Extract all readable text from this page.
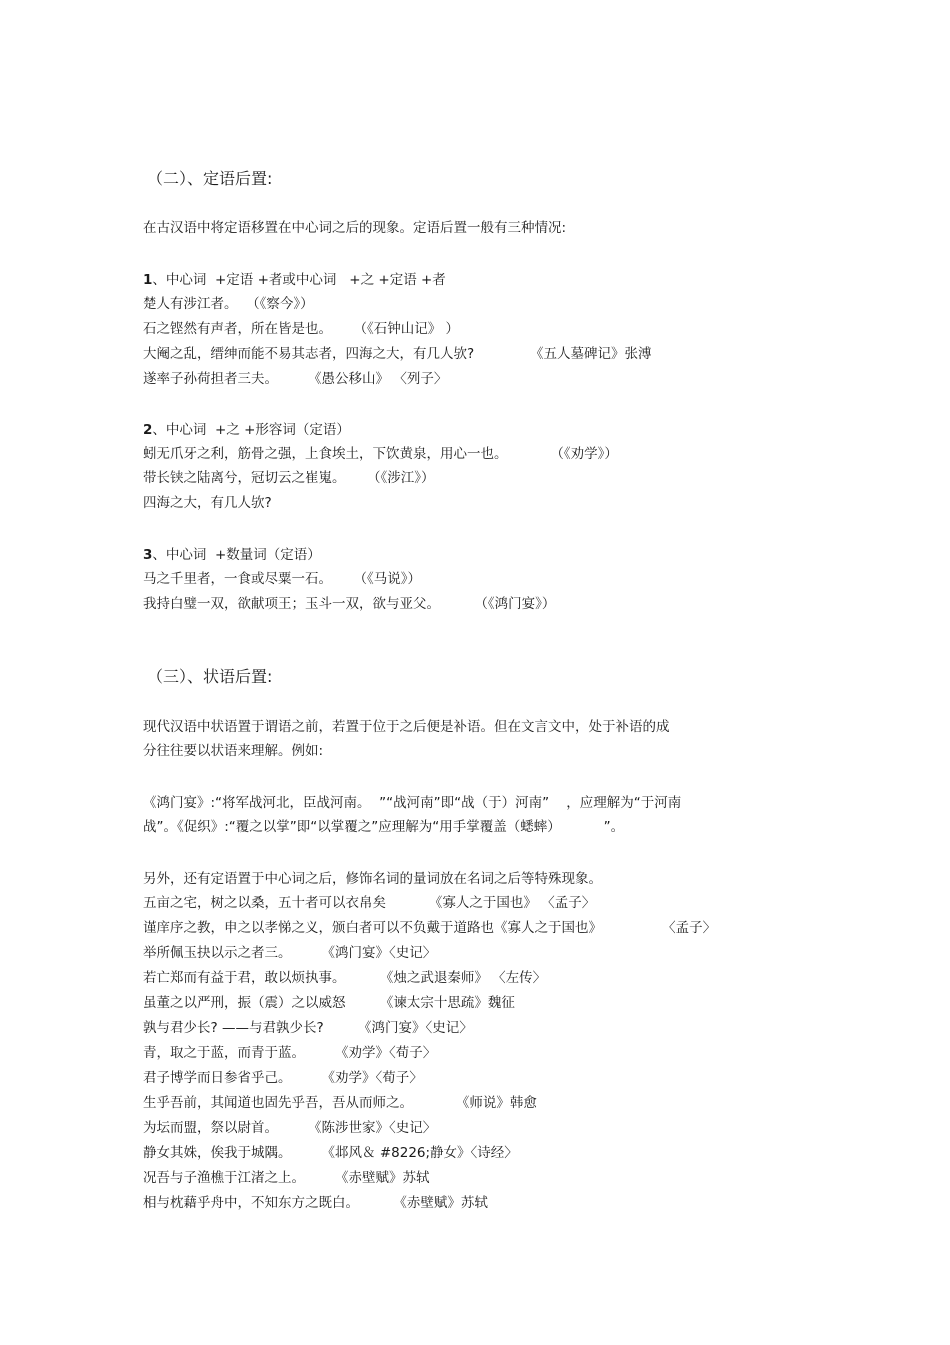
（二）、定语后置:
在古汉语中将定语移置在中心词之后的现象。定语后置一般有三种情况:
1、中心词  +定语 +者或中心词   +之 +定语 +者
楚人有涉江者。  （《察今》）
石之铿然有声者，所在皆是也。     （《石钟山记》 ）
大阉之乱，缙绅而能不易其志者，四海之大，有几人欤?             《五人墓碑记》张溥
遂率子孙荷担者三夫。       《愚公移山》 〈列子〉
2、中心词  +之 +形容词（定语）
蚓无爪牙之利，筋骨之强，上食埃土，下饮黄泉，用心一也。          （《劝学》）
带长铗之陆离兮，冠切云之崔嵬。     （《涉江》）
四海之大，有几人欤?
3、中心词  +数量词（定语）
马之千里者，一食或尽粟一石。     （《马说》）
我持白璧一双，欲献项王；玉斗一双，欲与亚父。        （《鸿门宴》）
（三）、状语后置:
现代汉语中状语置于谓语之前，若置于位于之后便是补语。但在文言文中，处于补语的成
分往往要以状语来理解。例如:
《鸿门宴》:“将军战河北，臣战河南。  ”“战河南”即“战（于）河南”    ，应理解为“于河南
战”。《促织》:“覆之以掌”即“以掌覆之”应理解为“用手掌覆盖（蟋蟀）          ”。
另外，还有定语置于中心词之后，修饰名词的量词放在名词之后等特殊现象。
五亩之宅，树之以桑，五十者可以衣帛矣          《寡人之于国也》 〈孟子〉
谨庠序之教，申之以孝悌之义，颁白者可以不负戴于道路也《寡人之于国也》              〈孟子〉
举所佩玉抉以示之者三。       《鸿门宴》〈史记〉
若亡郑而有益于君，敢以烦执事。        《烛之武退秦师》 〈左传〉
虽董之以严刑，振（震）之以威怒        《谏太宗十思疏》魏征
孰与君少长? ——与君孰少长?        《鸿门宴》〈史记〉
青，取之于蓝，而青于蓝。       《劝学》〈荀子〉
君子博学而日参省乎己。       《劝学》〈荀子〉
生乎吾前，其闻道也固先乎吾，吾从而师之。          《师说》韩愈
为坛而盟，祭以尉首。       《陈涉世家》〈史记〉
静女其姝，俟我于城隅。       《邶风＆ #8226;静女》〈诗经〉
况吾与子渔樵于江渚之上。       《赤壁赋》苏轼
相与枕藉乎舟中，不知东方之既白。        《赤壁赋》苏轼
